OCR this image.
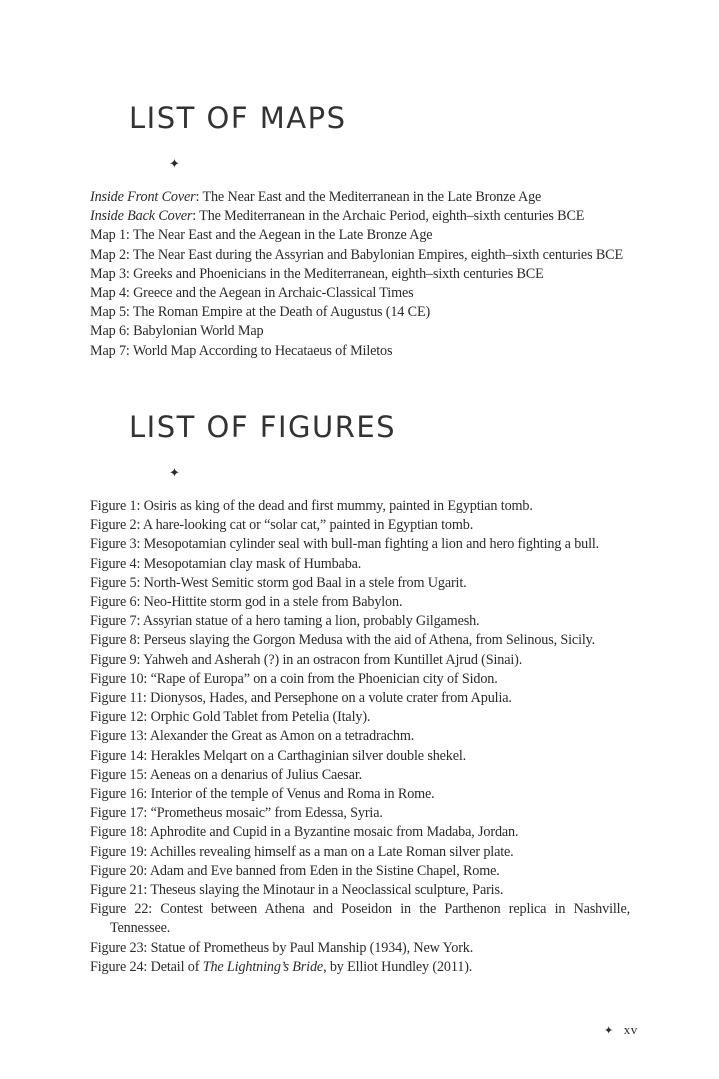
LIST OF MAPS
✦
Inside Front Cover: The Near East and the Mediterranean in the Late Bronze Age
Inside Back Cover: The Mediterranean in the Archaic Period, eighth–sixth centuries BCE
Map 1: The Near East and the Aegean in the Late Bronze Age
Map 2: The Near East during the Assyrian and Babylonian Empires, eighth–sixth centuries BCE
Map 3: Greeks and Phoenicians in the Mediterranean, eighth–sixth centuries BCE
Map 4: Greece and the Aegean in Archaic-Classical Times
Map 5: The Roman Empire at the Death of Augustus (14 CE)
Map 6: Babylonian World Map
Map 7: World Map According to Hecataeus of Miletos
LIST OF FIGURES
✦
Figure 1: Osiris as king of the dead and first mummy, painted in Egyptian tomb.
Figure 2: A hare-looking cat or “solar cat,” painted in Egyptian tomb.
Figure 3: Mesopotamian cylinder seal with bull-man fighting a lion and hero fighting a bull.
Figure 4: Mesopotamian clay mask of Humbaba.
Figure 5: North-West Semitic storm god Baal in a stele from Ugarit.
Figure 6: Neo-Hittite storm god in a stele from Babylon.
Figure 7: Assyrian statue of a hero taming a lion, probably Gilgamesh.
Figure 8: Perseus slaying the Gorgon Medusa with the aid of Athena, from Selinous, Sicily.
Figure 9: Yahweh and Asherah (?) in an ostracon from Kuntillet Ajrud (Sinai).
Figure 10: “Rape of Europa” on a coin from the Phoenician city of Sidon.
Figure 11: Dionysos, Hades, and Persephone on a volute crater from Apulia.
Figure 12: Orphic Gold Tablet from Petelia (Italy).
Figure 13: Alexander the Great as Amon on a tetradrachm.
Figure 14: Herakles Melqart on a Carthaginian silver double shekel.
Figure 15: Aeneas on a denarius of Julius Caesar.
Figure 16: Interior of the temple of Venus and Roma in Rome.
Figure 17: “Prometheus mosaic” from Edessa, Syria.
Figure 18: Aphrodite and Cupid in a Byzantine mosaic from Madaba, Jordan.
Figure 19: Achilles revealing himself as a man on a Late Roman silver plate.
Figure 20: Adam and Eve banned from Eden in the Sistine Chapel, Rome.
Figure 21: Theseus slaying the Minotaur in a Neoclassical sculpture, Paris.
Figure 22: Contest between Athena and Poseidon in the Parthenon replica in Nashville, Tennessee.
Figure 23: Statue of Prometheus by Paul Manship (1934), New York.
Figure 24: Detail of The Lightning’s Bride, by Elliot Hundley (2011).
✦ xv
